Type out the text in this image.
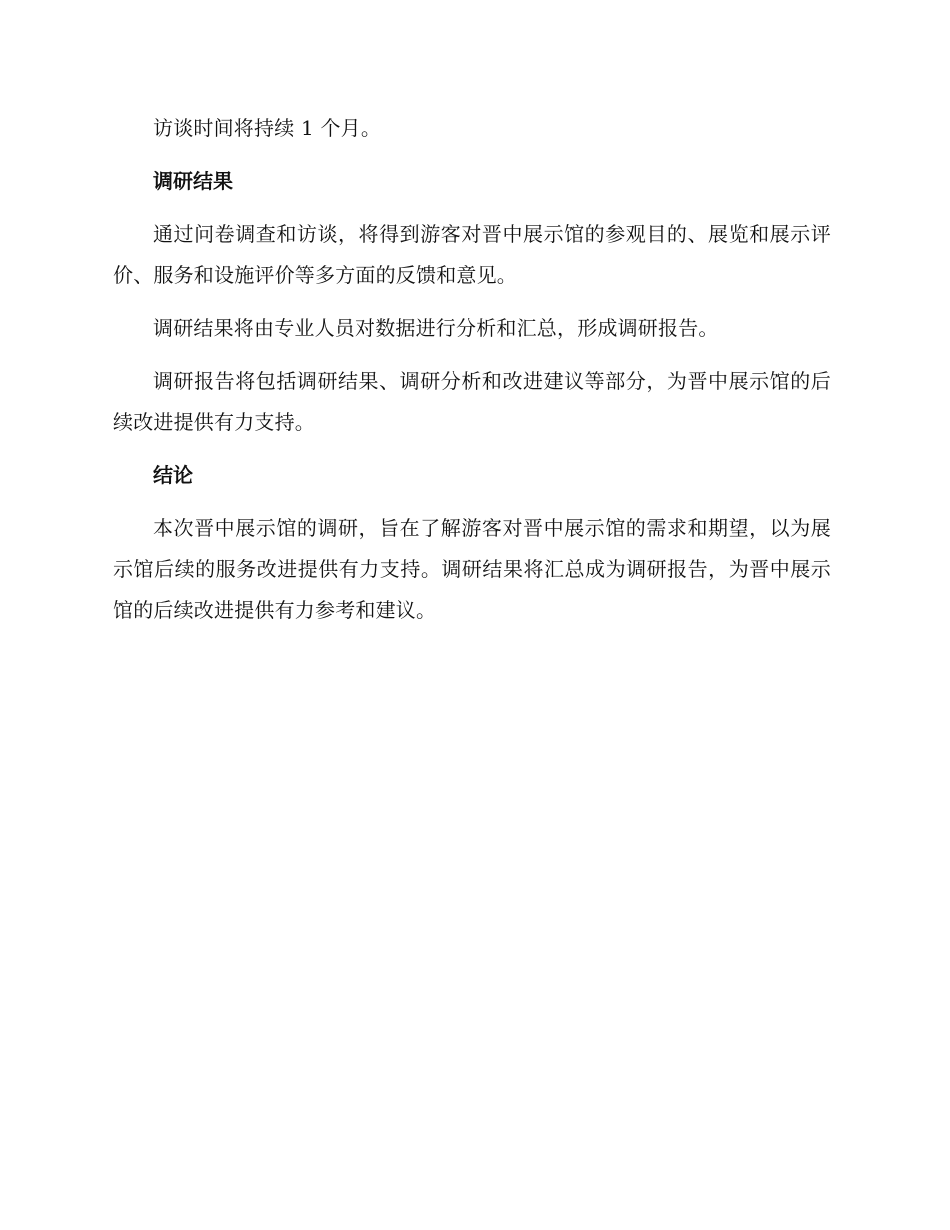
访谈时间将持续 1 个月。

调研结果

通过问卷调查和访谈，将得到游客对晋中展示馆的参观目的、展览和展示评价、服务和设施评价等多方面的反馈和意见。

调研结果将由专业人员对数据进行分析和汇总，形成调研报告。

调研报告将包括调研结果、调研分析和改进建议等部分，为晋中展示馆的后续改进提供有力支持。

结论

本次晋中展示馆的调研，旨在了解游客对晋中展示馆的需求和期望，以为展示馆后续的服务改进提供有力支持。调研结果将汇总成为调研报告，为晋中展示馆的后续改进提供有力参考和建议。
